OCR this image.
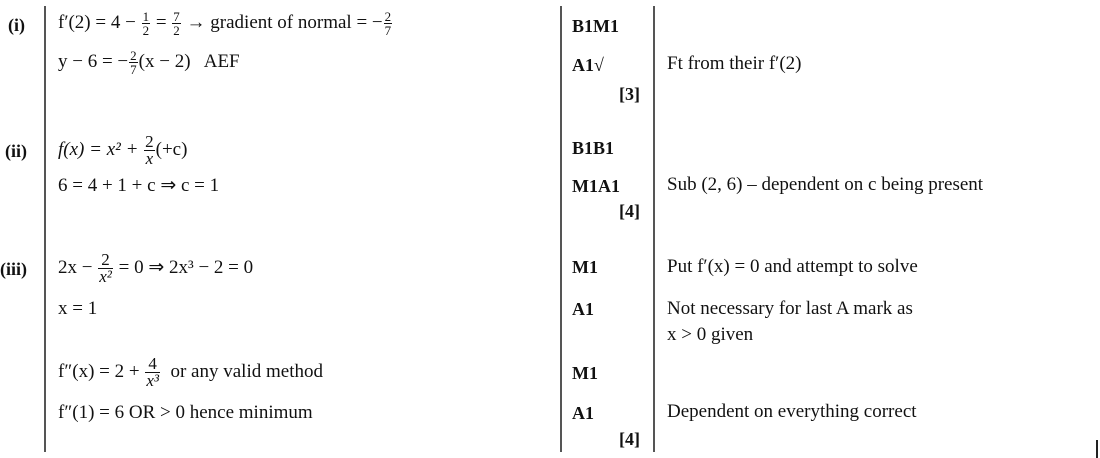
(i) $f'(2) = 4 - \frac{1}{2} = \frac{7}{2}$ → gradient of normal = − $\frac{2}{7}$
y − 6 = − $\frac{2}{7} (x - 2)$   AEF
B1M1
A1√
[3]
Ft from their f′(2)
(ii) $f(x) = x^2 + \frac{2}{x} (+c)$
6 = 4 + 1 + c ⇒ c = 1
B1B1
M1A1
[4]
Sub (2, 6) – dependent on c being present
(iii) $2x - \frac{2}{\text{x²}} = 0$ ⇒ 2x³ − 2 = 0
x = 1
$f''(x) = 2 + \frac{4}{\text{x³}}$ or any valid method
f″(1) = 6 OR > 0 hence minimum
M1
A1
M1
A1
[4]
Put f′(x) = 0 and attempt to solve
Not necessary for last A mark as
x > 0 given
Dependent on everything correct
